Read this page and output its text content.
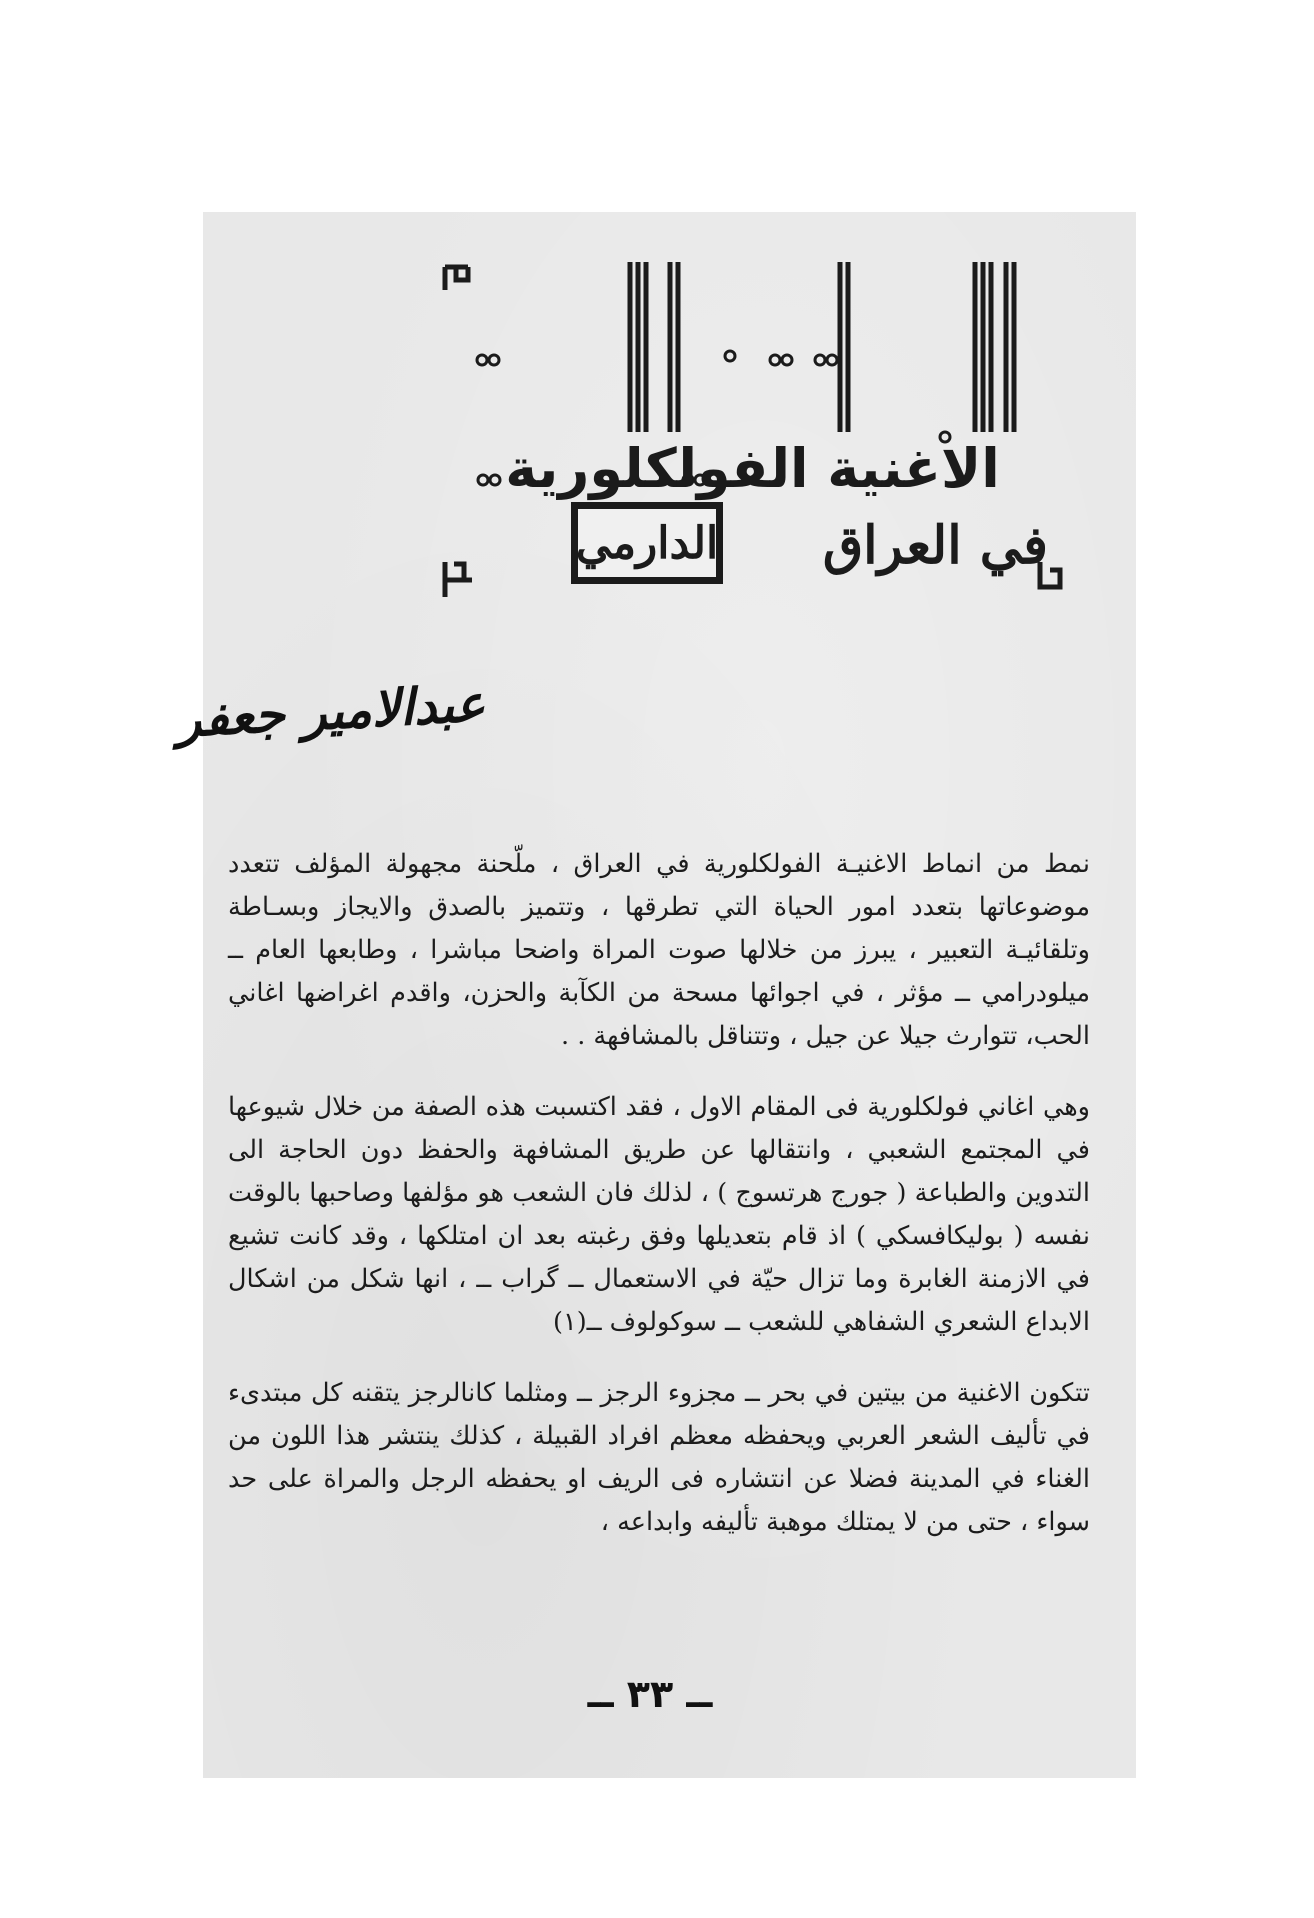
الاغنية الفولكلورية
في العراق
الدارمي
عبدالامير جعفر

نمط من انماط الاغنيـة الفولكلورية في العراق ، ملّحنة مجهولة المؤلف تتعدد موضوعاتها بتعدد امور الحياة التي تطرقها ، وتتميز بالصدق والايجاز وبسـاطة وتلقائيـة التعبير ، يبرز من خلالها صوت المراة واضحا مباشرا ، وطابعها العام ــ ميلودرامي ــ مؤثر ، في اجوائها مسحة من الكآبة والحزن، واقدم اغراضها اغاني الحب، تتوارث جيلا عن جيل ، وتتناقل بالمشافهة . .

وهي اغاني فولكلورية فى المقام الاول ، فقد اكتسبت هذه الصفة من خلال شيوعها في المجتمع الشعبي ، وانتقالها عن طريق المشافهة والحفظ دون الحاجة الى التدوين والطباعة ( جورج هرتسوج ) ، لذلك فان الشعب هو مؤلفها وصاحبها بالوقت نفسه ( بوليكافسكي ) اذ قام بتعديلها وفق رغبته بعد ان امتلكها ، وقد كانت تشيع في الازمنة الغابرة وما تزال حيّة في الاستعمال ــ گراب ــ ، انها شكل من اشكال الابداع الشعري الشفاهي للشعب ــ سوكولوف ــ(١)

تتكون الاغنية من بيتين في بحر ــ مجزوء الرجز ــ ومثلما كانالرجز يتقنه كل مبتدىء في تأليف الشعر العربي ويحفظه معظم افراد القبيلة ، كذلك ينتشر هذا اللون من الغناء في المدينة فضلا عن انتشاره فى الريف او يحفظه الرجل والمراة على حد سواء ، حتى من لا يمتلك موهبة تأليفه وابداعه ،

ــ ٣٣ ــ
